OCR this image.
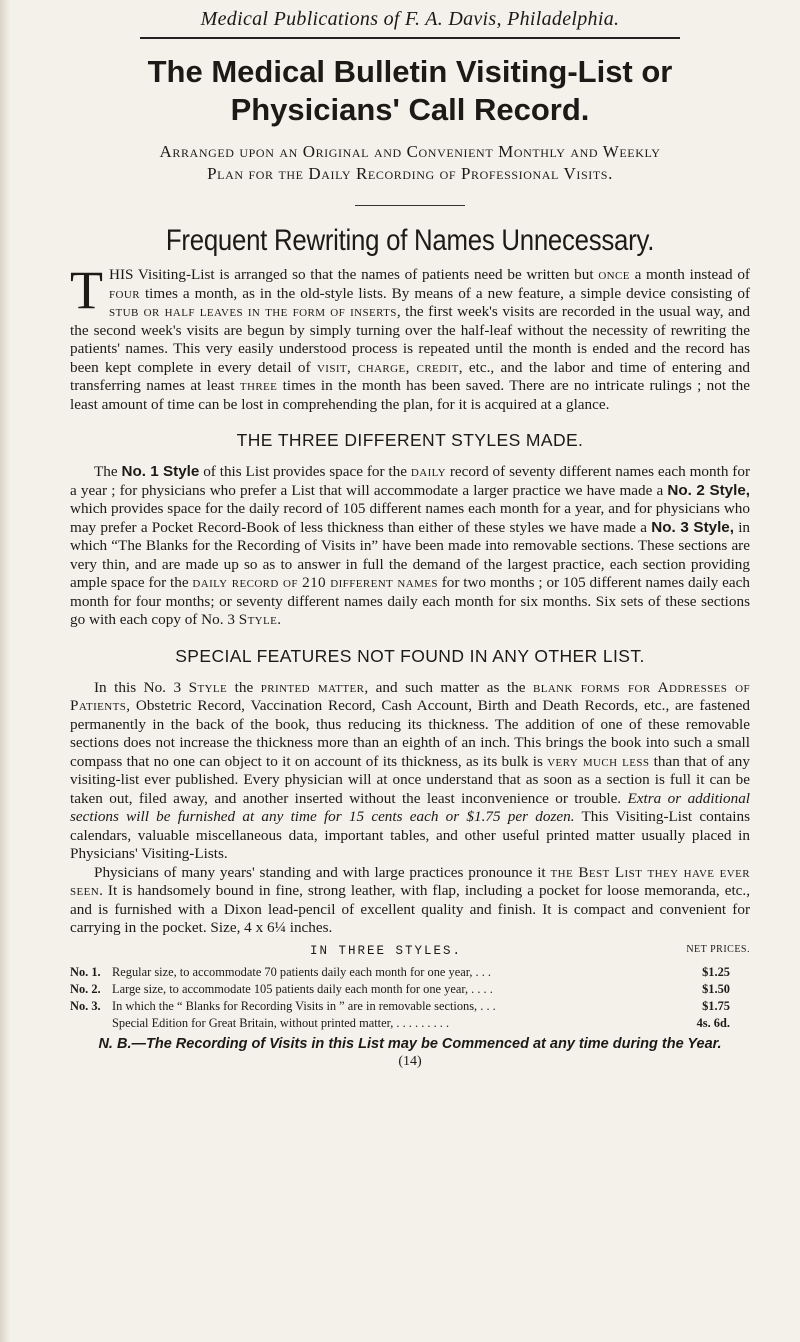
Medical Publications of F. A. Davis, Philadelphia.
The Medical Bulletin Visiting-List or
Physicians' Call Record.
Arranged upon an Original and Convenient Monthly and Weekly
Plan for the Daily Recording of Professional Visits.
Frequent Rewriting of Names Unnecessary.

THIS Visiting-List is arranged so that the names of patients need be written but once a month instead of four times a month, as in the old-style lists. By means of a new feature, a simple device consisting of stub or half leaves in the form of inserts, the first week's visits are recorded in the usual way, and the second week's visits are begun by simply turning over the half-leaf without the necessity of rewriting the patients' names. This very easily understood process is repeated until the month is ended and the record has been kept complete in every detail of visit, charge, credit, etc., and the labor and time of entering and transferring names at least three times in the month has been saved. There are no intricate rulings ; not the least amount of time can be lost in comprehending the plan, for it is acquired at a glance.

THE THREE DIFFERENT STYLES MADE.

The No. 1 Style of this List provides space for the daily record of seventy different names each month for a year ; for physicians who prefer a List that will accommodate a larger practice we have made a No. 2 Style, which provides space for the daily record of 105 different names each month for a year, and for physicians who may prefer a Pocket Record-Book of less thickness than either of these styles we have made a No. 3 Style, in which “The Blanks for the Recording of Visits in” have been made into removable sections. These sections are very thin, and are made up so as to answer in full the demand of the largest practice, each section providing ample space for the daily record of 210 different names for two months ; or 105 different names daily each month for four months; or seventy different names daily each month for six months. Six sets of these sections go with each copy of No. 3 Style.

SPECIAL FEATURES NOT FOUND IN ANY OTHER LIST.

In this No. 3 Style the printed matter, and such matter as the blank forms for Addresses of Patients, Obstetric Record, Vaccination Record, Cash Account, Birth and Death Records, etc., are fastened permanently in the back of the book, thus reducing its thickness. The addition of one of these removable sections does not increase the thickness more than an eighth of an inch. This brings the book into such a small compass that no one can object to it on account of its thickness, as its bulk is very much less than that of any visiting-list ever published. Every physician will at once understand that as soon as a section is full it can be taken out, filed away, and another inserted without the least inconvenience or trouble. Extra or additional sections will be furnished at any time for 15 cents each or $1.75 per dozen. This Visiting-List contains calendars, valuable miscellaneous data, important tables, and other useful printed matter usually placed in Physicians' Visiting-Lists.

Physicians of many years' standing and with large practices pronounce it the Best List they have ever seen. It is handsomely bound in fine, strong leather, with flap, including a pocket for loose memoranda, etc., and is furnished with a Dixon lead-pencil of excellent quality and finish. It is compact and convenient for carrying in the pocket. Size, 4 x 6¼ inches.

IN THREE STYLES.	NET PRICES.
No. 1. Regular size, to accommodate 70 patients daily each month for one year, . . .	$1.25
No. 2. Large size, to accommodate 105 patients daily each month for one year, . . . .	$1.50
No. 3. In which the “ Blanks for Recording Visits in ” are in removable sections, . . .	$1.75
Special Edition for Great Britain, without printed matter, . . . . . . . . .	4s. 6d.
N. B.—The Recording of Visits in this List may be Commenced at any time during the Year.
(14)
